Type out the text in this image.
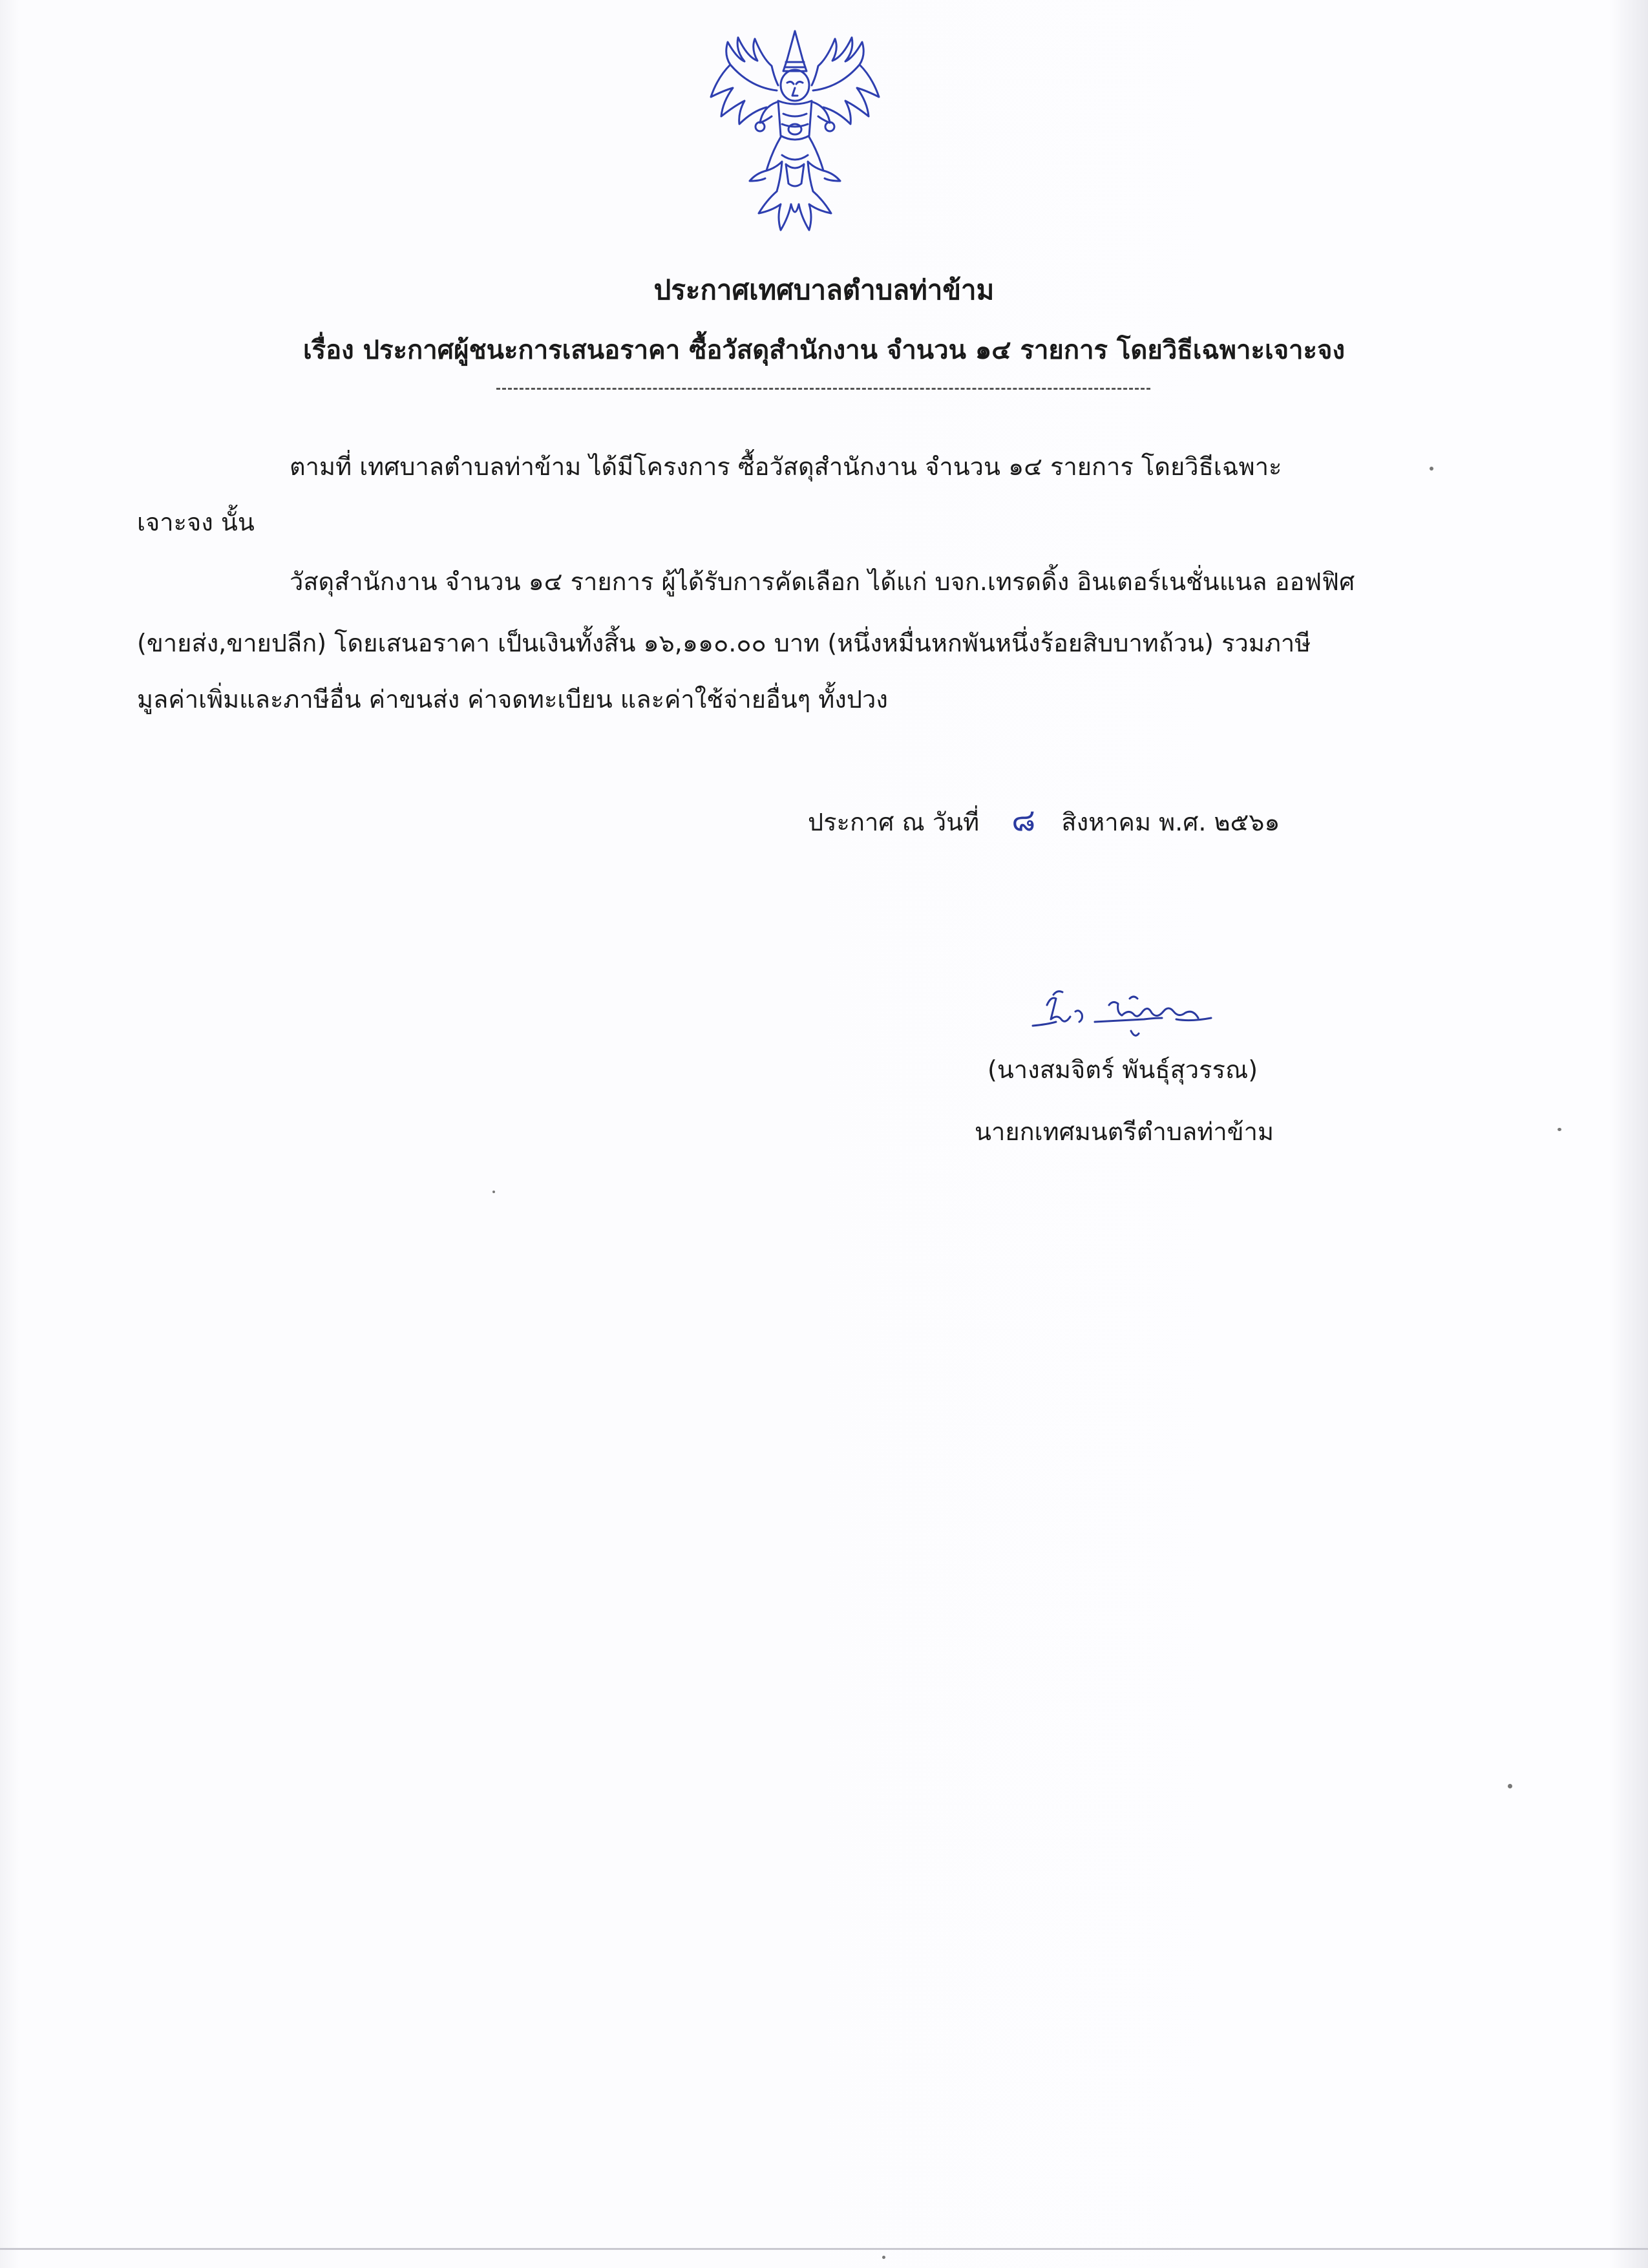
ประกาศเทศบาลตำบลท่าข้าม
เรื่อง ประกาศผู้ชนะการเสนอราคา ซื้อวัสดุสำนักงาน จำนวน ๑๔ รายการ โดยวิธีเฉพาะเจาะจง
ตามที่ เทศบาลตำบลท่าข้าม ได้มีโครงการ ซื้อวัสดุสำนักงาน จำนวน ๑๔ รายการ โดยวิธีเฉพาะ
เจาะจง นั้น
วัสดุสำนักงาน จำนวน ๑๔ รายการ ผู้ได้รับการคัดเลือก ได้แก่ บจก.เทรดดิ้ง อินเตอร์เนชั่นแนล ออฟฟิศ
(ขายส่ง,ขายปลีก) โดยเสนอราคา เป็นเงินทั้งสิ้น ๑๖,๑๑๐.๐๐ บาท (หนึ่งหมื่นหกพันหนึ่งร้อยสิบบาทถ้วน) รวมภาษี
มูลค่าเพิ่มและภาษีอื่น ค่าขนส่ง ค่าจดทะเบียน และค่าใช้จ่ายอื่นๆ ทั้งปวง
ประกาศ ณ วันที่ ๘ สิงหาคม พ.ศ. ๒๕๖๑
(นางสมจิตร์ พันธุ์สุวรรณ)
นายกเทศมนตรีตำบลท่าข้าม
